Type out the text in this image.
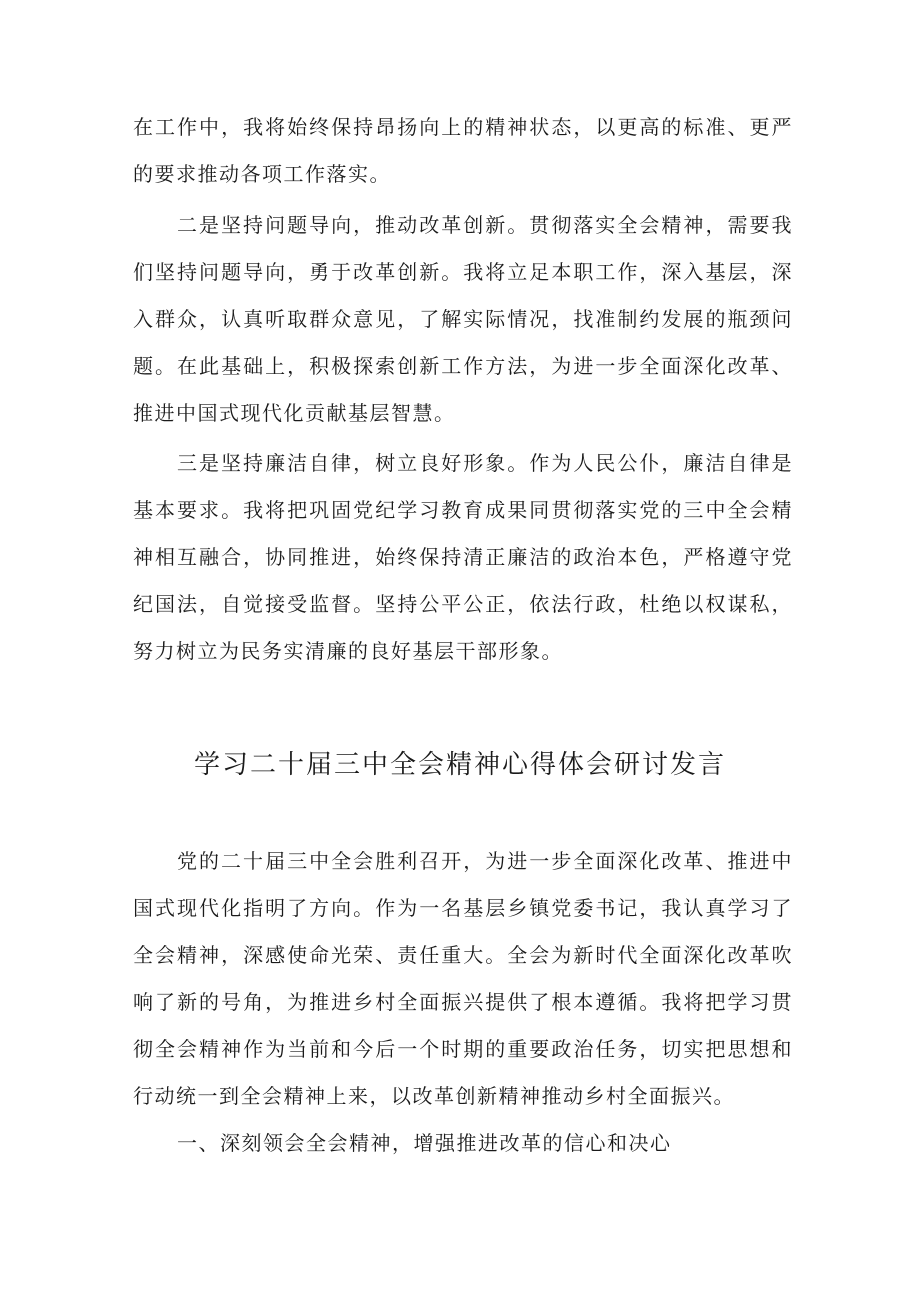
在工作中，我将始终保持昂扬向上的精神状态，以更高的标准、更严的要求推动各项工作落实。

二是坚持问题导向，推动改革创新。贯彻落实全会精神，需要我们坚持问题导向，勇于改革创新。我将立足本职工作，深入基层，深入群众，认真听取群众意见，了解实际情况，找准制约发展的瓶颈问题。在此基础上，积极探索创新工作方法，为进一步全面深化改革、推进中国式现代化贡献基层智慧。

三是坚持廉洁自律，树立良好形象。作为人民公仆，廉洁自律是基本要求。我将把巩固党纪学习教育成果同贯彻落实党的三中全会精神相互融合，协同推进，始终保持清正廉洁的政治本色，严格遵守党纪国法，自觉接受监督。坚持公平公正，依法行政，杜绝以权谋私，努力树立为民务实清廉的良好基层干部形象。

学习二十届三中全会精神心得体会研讨发言

党的二十届三中全会胜利召开，为进一步全面深化改革、推进中国式现代化指明了方向。作为一名基层乡镇党委书记，我认真学习了全会精神，深感使命光荣、责任重大。全会为新时代全面深化改革吹响了新的号角，为推进乡村全面振兴提供了根本遵循。我将把学习贯彻全会精神作为当前和今后一个时期的重要政治任务，切实把思想和行动统一到全会精神上来，以改革创新精神推动乡村全面振兴。

一、深刻领会全会精神，增强推进改革的信心和决心
